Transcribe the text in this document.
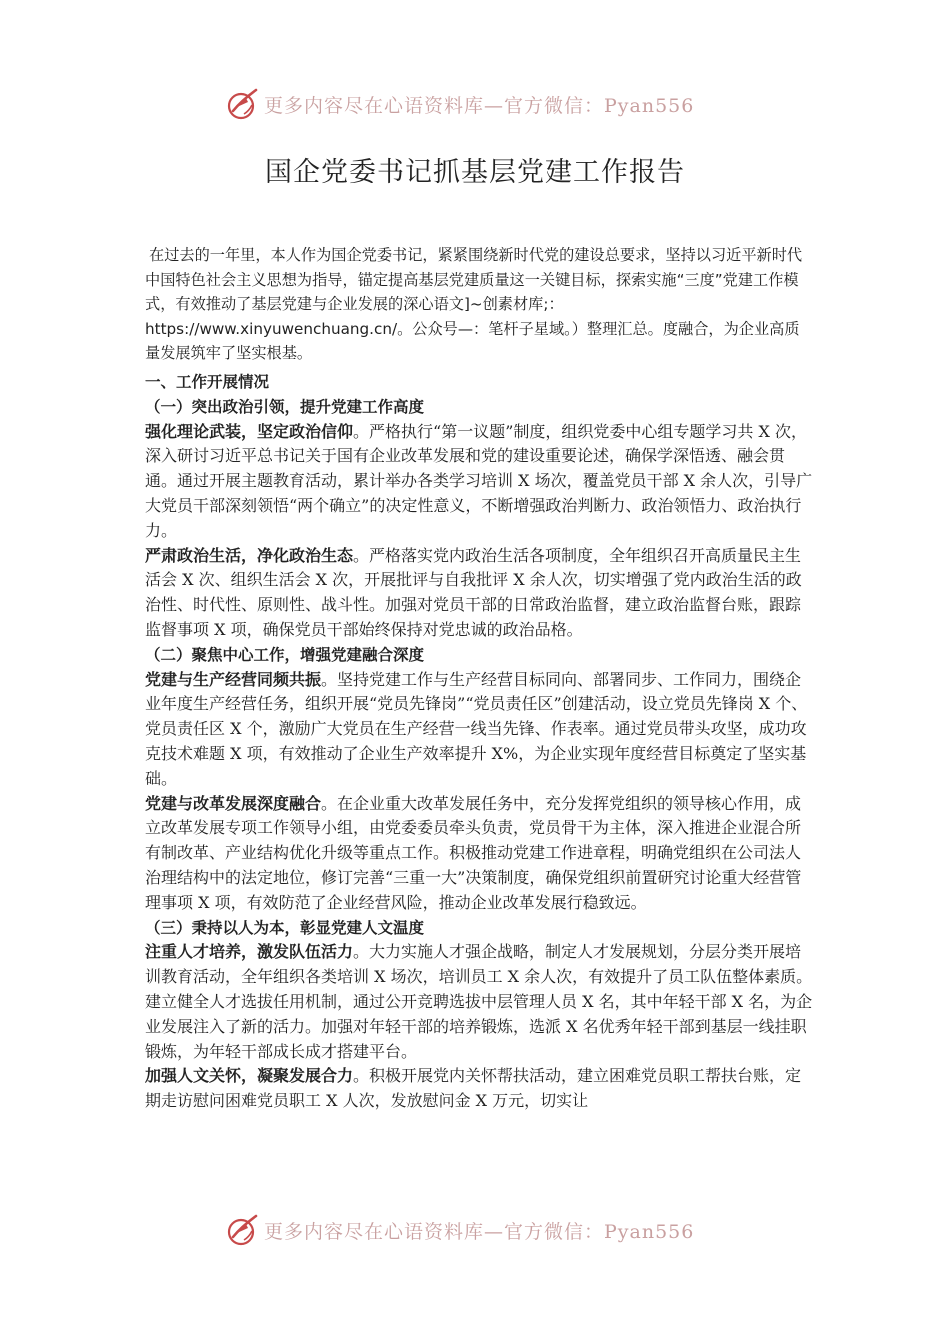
更多内容尽在心语资料库—官方微信：Pyan556
国企党委书记抓基层党建工作报告

在过去的一年里，本人作为国企党委书记，紧紧围绕新时代党的建设总要求，坚持以习近平新时代中国特色社会主义思想为指导，锚定提高基层党建质量这一关键目标，探索实施“三度”党建工作模式，有效推动了基层党建与企业发展的深心语文]~创素材库;：https://www.xinyuwenchuang.cn/。公众号—：笔杆子星域。）整理汇总。度融合，为企业高质量发展筑牢了坚实根基。

一、工作开展情况

（一）突出政治引领，提升党建工作高度

强化理论武装，坚定政治信仰。严格执行“第一议题”制度，组织党委中心组专题学习共 X 次，深入研讨习近平总书记关于国有企业改革发展和党的建设重要论述，确保学深悟透、融会贯通。通过开展主题教育活动，累计举办各类学习培训 X 场次，覆盖党员干部 X 余人次，引导广大党员干部深刻领悟“两个确立”的决定性意义，不断增强政治判断力、政治领悟力、政治执行力。

严肃政治生活，净化政治生态。严格落实党内政治生活各项制度，全年组织召开高质量民主生活会 X 次、组织生活会 X 次，开展批评与自我批评 X 余人次，切实增强了党内政治生活的政治性、时代性、原则性、战斗性。加强对党员干部的日常政治监督，建立政治监督台账，跟踪监督事项 X 项，确保党员干部始终保持对党忠诚的政治品格。

（二）聚焦中心工作，增强党建融合深度

党建与生产经营同频共振。坚持党建工作与生产经营目标同向、部署同步、工作同力，围绕企业年度生产经营任务，组织开展“党员先锋岗”“党员责任区”创建活动，设立党员先锋岗 X 个、党员责任区 X 个，激励广大党员在生产经营一线当先锋、作表率。通过党员带头攻坚，成功攻克技术难题 X 项，有效推动了企业生产效率提升 X%，为企业实现年度经营目标奠定了坚实基础。

党建与改革发展深度融合。在企业重大改革发展任务中，充分发挥党组织的领导核心作用，成立改革发展专项工作领导小组，由党委委员牵头负责，党员骨干为主体，深入推进企业混合所有制改革、产业结构优化升级等重点工作。积极推动党建工作进章程，明确党组织在公司法人治理结构中的法定地位，修订完善“三重一大”决策制度，确保党组织前置研究讨论重大经营管理事项 X 项，有效防范了企业经营风险，推动企业改革发展行稳致远。

（三）秉持以人为本，彰显党建人文温度

注重人才培养，激发队伍活力。大力实施人才强企战略，制定人才发展规划，分层分类开展培训教育活动，全年组织各类培训 X 场次，培训员工 X 余人次，有效提升了员工队伍整体素质。建立健全人才选拔任用机制，通过公开竞聘选拔中层管理人员 X 名，其中年轻干部 X 名，为企业发展注入了新的活力。加强对年轻干部的培养锻炼，选派 X 名优秀年轻干部到基层一线挂职锻炼，为年轻干部成长成才搭建平台。

加强人文关怀，凝聚发展合力。积极开展党内关怀帮扶活动，建立困难党员职工帮扶台账，定期走访慰问困难党员职工 X 人次，发放慰问金 X 万元，切实让

更多内容尽在心语资料库—官方微信：Pyan556
